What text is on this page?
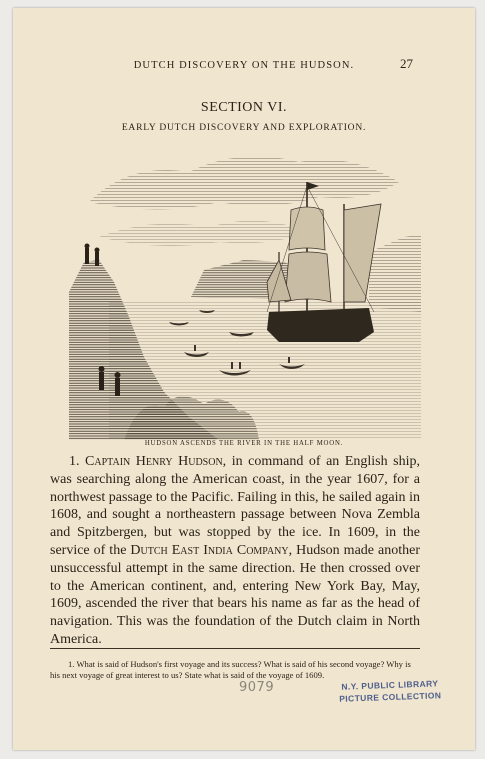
DUTCH DISCOVERY ON THE HUDSON.	27
SECTION VI.
EARLY DUTCH DISCOVERY AND EXPLORATION.
HUDSON ASCENDS THE RIVER IN THE HALF MOON.
1. Captain Henry Hudson, in command of an English ship, was searching along the American coast, in the year 1607, for a northwest passage to the Pacific. Failing in this, he sailed again in 1608, and sought a northeastern passage between Nova Zembla and Spitzbergen, but was stopped by the ice. In 1609, in the service of the Dutch East India Company, Hudson made another unsuccessful attempt in the same direction. He then crossed over to the American continent, and, entering New York Bay, May, 1609, ascended the river that bears his name as far as the head of navigation. This was the foundation of the Dutch claim in North America.
1. What is said of Hudson's first voyage and its success? What is said of his second voyage? Why is his next voyage of great interest to us? State what is said of the voyage of 1609.
9079	N.Y. PUBLIC LIBRARY
PICTURE COLLECTION
